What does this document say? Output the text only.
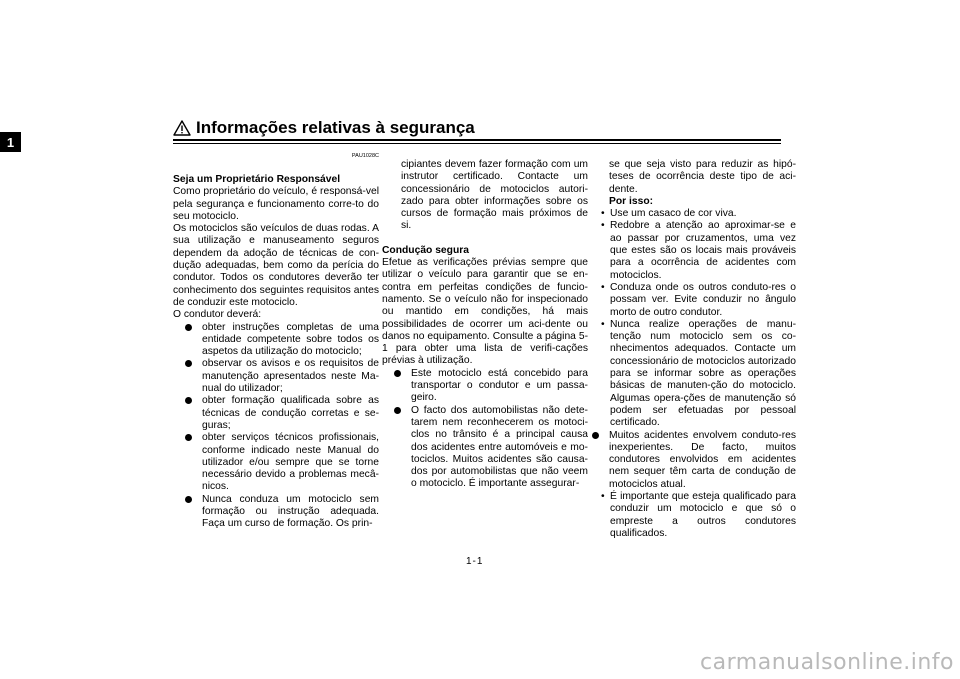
Informações relativas à segurança
1
PAU1028C

Seja um Proprietário Responsável

Como proprietário do veículo, é responsá-vel pela segurança e funcionamento corre-to do seu motociclo.

Os motociclos são veículos de duas rodas. A sua utilização e manuseamento seguros dependem da adoção de técnicas de con-dução adequadas, bem como da perícia do condutor. Todos os condutores deverão ter conhecimento dos seguintes requisitos antes de conduzir este motociclo.

O condutor deverá:

obter instruções completas de uma entidade competente sobre todos os aspetos da utilização do motociclo;
observar os avisos e os requisitos de manutenção apresentados neste Ma-nual do utilizador;
obter formação qualificada sobre as técnicas de condução corretas e se-guras;
obter serviços técnicos profissionais, conforme indicado neste Manual do utilizador e/ou sempre que se torne necessário devido a problemas mecâ-nicos.
Nunca conduza um motociclo sem formação ou instrução adequada. Faça um curso de formação. Os prin-

cipiantes devem fazer formação com um instrutor certificado. Contacte um concessionário de motociclos autori-zado para obter informações sobre os cursos de formação mais próximos de si.

Condução segura

Efetue as verificações prévias sempre que utilizar o veículo para garantir que se en-contra em perfeitas condições de funcio-namento. Se o veículo não for inspecionado ou mantido em condições, há mais possibilidades de ocorrer um aci-dente ou danos no equipamento. Consulte a página 5-1 para obter uma lista de verifi-cações prévias à utilização.

Este motociclo está concebido para transportar o condutor e um passa-geiro.
O facto dos automobilistas não dete-tarem nem reconhecerem os motoci-clos no trânsito é a principal causa dos acidentes entre automóveis e mo-tociclos. Muitos acidentes são causa-dos por automobilistas que não veem o motociclo. É importante assegurar-

se que seja visto para reduzir as hipó-teses de ocorrência deste tipo de aci-dente.

Por isso:

• Use um casaco de cor viva.
• Redobre a atenção ao aproximar-se e ao passar por cruzamentos, uma vez que estes são os locais mais prováveis para a ocorrência de acidentes com motociclos.
• Conduza onde os outros conduto-res o possam ver. Evite conduzir no ângulo morto de outro condutor.
• Nunca realize operações de manu-tenção num motociclo sem os co-nhecimentos adequados. Contacte um concessionário de motociclos autorizado para se informar sobre as operações básicas de manuten-ção do motociclo. Algumas opera-ções de manutenção só podem ser efetuadas por pessoal certificado.
Muitos acidentes envolvem conduto-res inexperientes. De facto, muitos condutores envolvidos em acidentes nem sequer têm carta de condução de motociclos atual.
• É importante que esteja qualificado para conduzir um motociclo e que só o empreste a outros condutores qualificados.
1-1
carmanualsonline.info
